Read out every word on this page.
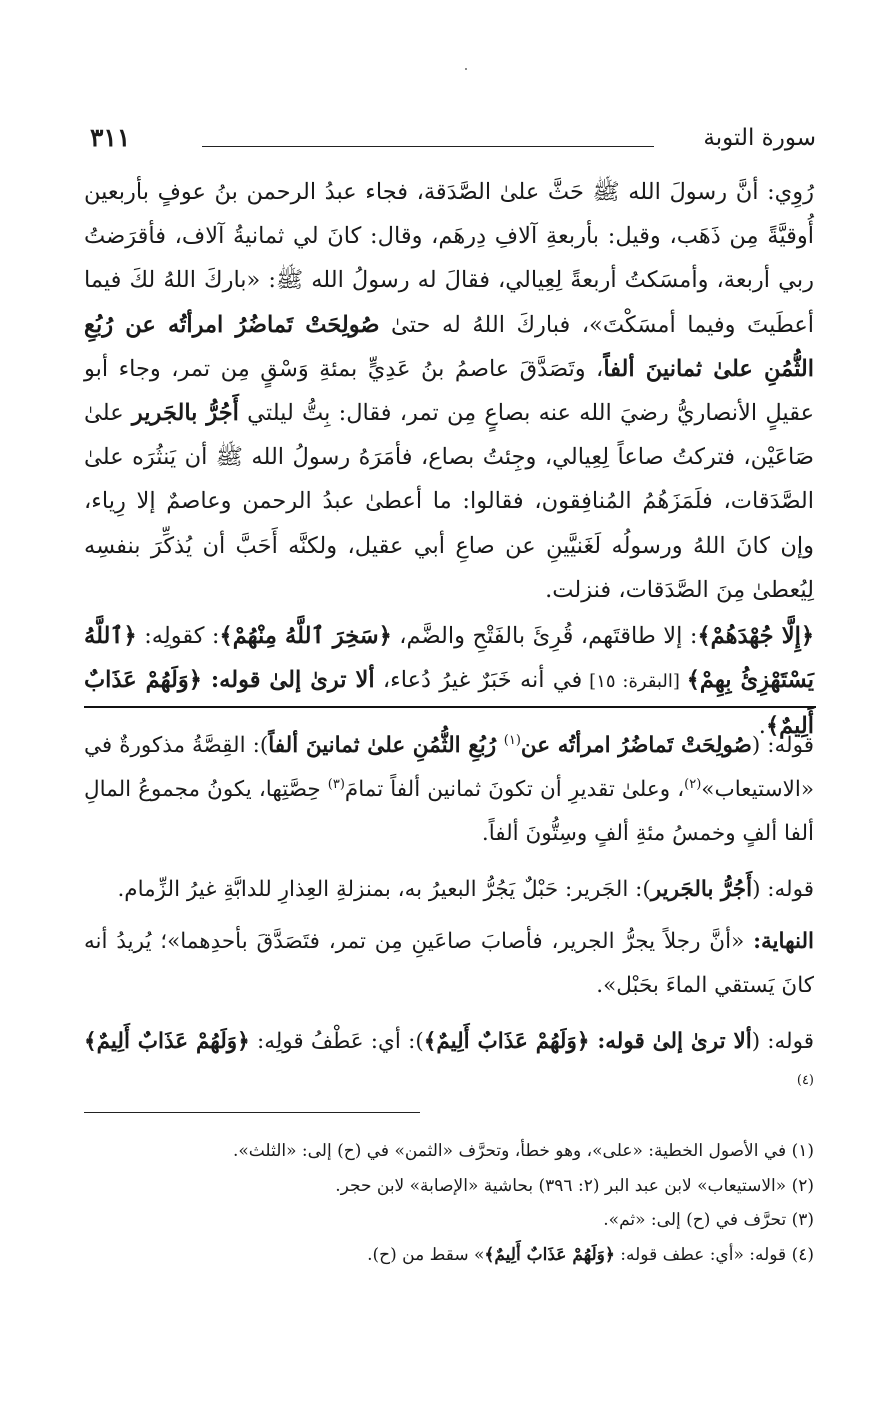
سورة التوبة
٣١١

رُوِي: أنَّ رسولَ الله ﷺ حَثَّ علىٰ الصَّدَقة، فجاء عبدُ الرحمن بنُ عوفٍ بأربعين أُوقيَّةً مِن ذَهَب، وقيل: بأربعةِ آلافِ دِرهَم، وقال: كانَ لي ثمانيةُ آلاف، فأقرَضتُ ربي أربعة، وأمسَكتُ أربعةً لِعِيالي، فقالَ له رسولُ الله ﷺ: «باركَ اللهُ لكَ فيما أعطَيتَ وفيما أمسَكْتَ»، فباركَ اللهُ له حتىٰ صُولِحَتْ تَماضُرُ امرأتُه عن رُبُعِ الثُّمُنِ علىٰ ثمانينَ ألفاً، وتَصَدَّقَ عاصمُ بنُ عَدِيٍّ بمئةِ وَسْقٍ مِن تمر، وجاء أبو عقيلٍ الأنصاريُّ رضيَ الله عنه بصاعٍ مِن تمر، فقال: بِتُّ ليلتي أَجُرُّ بالجَرير علىٰ صَاعَيْن، فتركتُ صاعاً لِعِيالي، وجِئتُ بصاع، فأمَرَهُ رسولُ الله ﷺ أن يَنثُرَه علىٰ الصَّدَقات، فلَمَزَهُمُ المُنافِقون، فقالوا: ما أعطىٰ عبدُ الرحمن وعاصمٌ إلا رِياء، وإن كانَ اللهُ ورسولُه لَغَنيَّينِ عن صاعِ أبي عقيل، ولكنَّه أَحَبَّ أن يُذكِّرَ بنفسِه لِيُعطىٰ مِنَ الصَّدَقات، فنزلت.

﴿إِلَّا جُهْدَهُمْ﴾: إلا طاقتَهم، قُرِئَ بالفَتْحِ والضَّم، ﴿سَخِرَ ٱللَّهُ مِنْهُمْ﴾: كقولِه: ﴿ٱللَّهُ يَسْتَهْزِئُ بِهِمْ﴾ [البقرة: ١٥] في أنه خَبَرٌ غيرُ دُعاء، ألا ترىٰ إلىٰ قوله: ﴿وَلَهُمْ عَذَابٌ أَلِيمٌ﴾.

قوله: (صُولِحَتْ تَماضُرُ امرأتُه عن$^{(١)}$ رُبُعِ الثُّمُنِ علىٰ ثمانينَ ألفاً): القِصَّةُ مذكورةٌ في «الاستيعاب»$^{(٢)}$، وعلىٰ تقديرِ أن تكونَ ثمانين ألفاً تمامَ$^{(٣)}$ حِصَّتِها، يكونُ مجموعُ المالِ ألفا ألفٍ وخمسُ مئةِ ألفٍ وسِتُّونَ ألفاً.

قوله: (أَجُرُّ بالجَرير): الجَرير: حَبْلٌ يَجُرُّ البعيرُ به، بمنزلةِ العِذارِ للدابَّةِ غيرُ الزِّمام.

النهاية: «أنَّ رجلاً يجرُّ الجرير، فأصابَ صاعَينِ مِن تمر، فتَصَدَّقَ بأحدِهما»؛ يُريدُ أنه كانَ يَستقي الماءَ بحَبْل».

قوله: (ألا ترىٰ إلىٰ قوله: ﴿وَلَهُمْ عَذَابٌ أَلِيمٌ﴾): أي: عَطْفُ قولِه: ﴿وَلَهُمْ عَذَابٌ أَلِيمٌ﴾$^{(٤)}$

(١) في الأصول الخطية: «على»، وهو خطأ، وتحرَّف «الثمن» في (ح) إلى: «الثلث».

(٢) «الاستيعاب» لابن عبد البر (٢: ٣٩٦) بحاشية «الإصابة» لابن حجر.

(٣) تحرَّف في (ح) إلى: «ثم».

(٤) قوله: «أي: عطف قوله: ﴿وَلَهُمْ عَذَابٌ أَلِيمٌ﴾» سقط من (ح).
